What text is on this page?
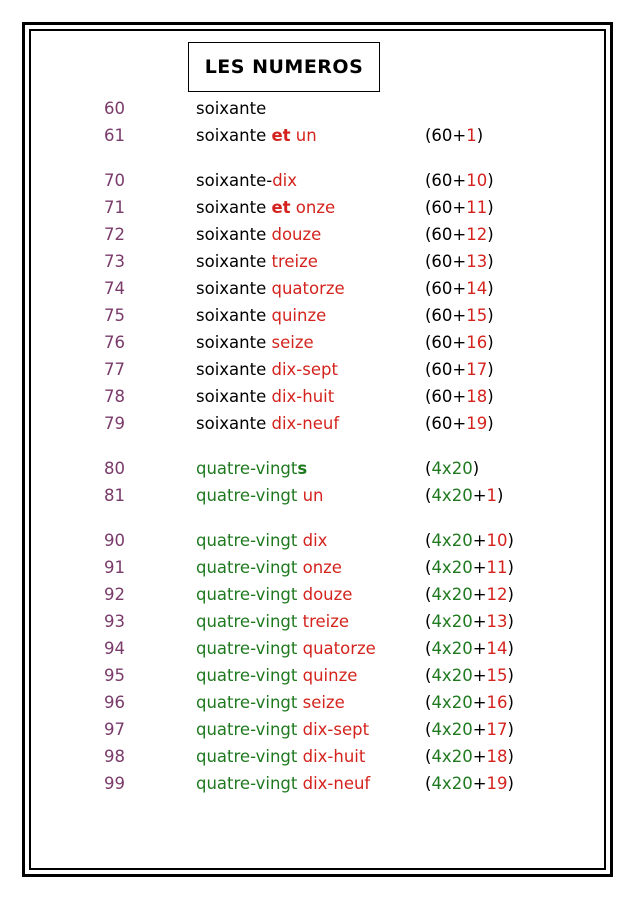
LES NUMEROS
60	soixante
61	soixante et un	(60+1)
70	soixante-dix	(60+10)
71	soixante et onze	(60+11)
72	soixante douze	(60+12)
73	soixante treize	(60+13)
74	soixante quatorze	(60+14)
75	soixante quinze	(60+15)
76	soixante seize	(60+16)
77	soixante dix-sept	(60+17)
78	soixante dix-huit	(60+18)
79	soixante dix-neuf	(60+19)
80	quatre-vingts	(4x20)
81	quatre-vingt un	(4x20+1)
90	quatre-vingt dix	(4x20+10)
91	quatre-vingt onze	(4x20+11)
92	quatre-vingt douze	(4x20+12)
93	quatre-vingt treize	(4x20+13)
94	quatre-vingt quatorze	(4x20+14)
95	quatre-vingt quinze	(4x20+15)
96	quatre-vingt seize	(4x20+16)
97	quatre-vingt dix-sept	(4x20+17)
98	quatre-vingt dix-huit	(4x20+18)
99	quatre-vingt dix-neuf	(4x20+19)
